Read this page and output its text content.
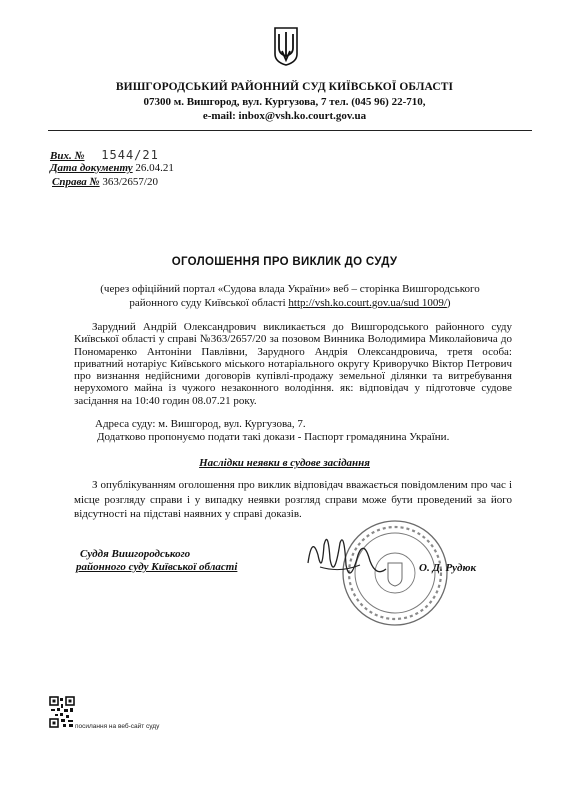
ВИШГОРОДСЬКИЙ РАЙОННИЙ СУД КИЇВСЬКОЇ ОБЛАСТІ
07300 м. Вишгород, вул. Кургузова, 7 тел. (045 96) 22-710,
e-mail: inbox@vsh.ko.court.gov.ua
Вих. № 1544/21
Дата документу 26.04.21
Справа № 363/2657/20
ОГОЛОШЕННЯ ПРО ВИКЛИК ДО СУДУ
(через офіційний портал «Судова влада України» веб – сторінка Вишгородського районного суду Київської області http://vsh.ko.court.gov.ua/sud 1009/)

Зарудний Андрій Олександрович викликається до Вишгородського районного суду Київської області у справі №363/2657/20 за позовом Винника Володимира Миколайовича до Пономаренко Антоніни Павлівни, Зарудного Андрія Олександровича, третя особа: приватний нотаріус Київського міського нотаріального округу Криворучко Віктор Петрович про визнання недійсними договорів купівлі-продажу земельної ділянки та витребування нерухомого майна із чужого незаконного володіння. як: відповідач у підготовче судове засідання на 10:40 годин 08.07.21 року.

Адреса суду: м. Вишгород, вул. Кургузова, 7.
Додатково пропонуємо подати такі докази - Паспорт громадянина України.
Наслідки неявки в судове засідання

З опублікуванням оголошення про виклик відповідач вважається повідомленим про час і місце розгляду справи і у випадку неявки розгляд справи може бути проведений за його відсутності на підставі наявних у справі доказів.

Суддя Вишгородського
районного суду Київської області	О. Д. Рудюк
посилання на веб-сайт суду
